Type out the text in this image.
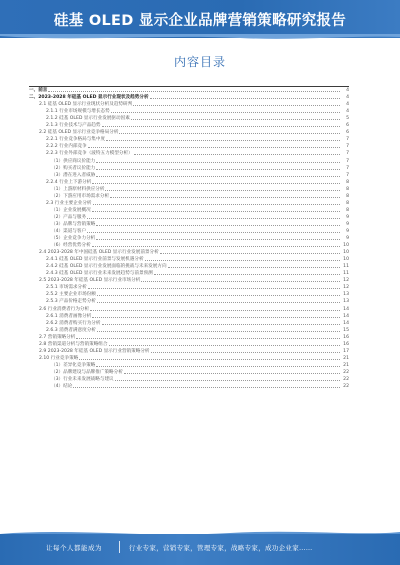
硅基 OLED 显示企业品牌营销策略研究报告
内容目录
一、前言	4
二、2023-2028 年硅基 OLED 显示行业现状及趋势分析	4
2.1 硅基 OLED 显示行业现状分析及趋势研判	4
2.1.1 行业市场规模与增长态势	4
2.1.2 硅基 OLED 显示行业发展驱动因素	5
2.1.3 行业技术与产品趋势	6
2.2 硅基 OLED 显示行业竞争格局分析	6
2.2.1 行业竞争格局与集中度	7
2.2.2 行业内部竞争	7
2.2.3 行业外部竞争（波特五力模型分析）	7
（1）供应商议价能力	7
（2）购买者议价能力	7
（3）潜在进入者威胁	7
2.2.4 行业上下游分析	8
（1）上游原材料供应分析	8
（2）下游应用市场需求分析	8
2.3 行业主要企业分析	8
（1）企业发展概况	8
（2）产品与服务	9
（3）品牌与营销策略	9
（4）渠道与客户	9
（5）企业竞争力分析	9
（6）经营优势分析	10
2.4 2023-2028 年中国硅基 OLED 显示行业发展前景分析	10
2.4.1 硅基 OLED 显示行业前景与发展机遇分析	10
2.4.2 硅基 OLED 显示行业发展面临的挑战与未来发展方向	11
2.4.3 硅基 OLED 显示行业未来发展趋势与前景预测	11
2.5 2023-2028 年硅基 OLED 显示行业市场分析	12
2.5.1 市场需求分析	12
2.5.2 主要企业市场份额	13
2.5.3 产品价格走势分析	13
2.6 行业消费者行为分析	14
2.6.1 消费者画像分析	14
2.6.2 消费者购买行为分析	14
2.6.3 消费者满意度分析	15
2.7 营销策略分析	16
2.8 营销渠道分析与营销策略组合	16
2.9 2023-2028 年硅基 OLED 显示行业营销策略分析	17
2.10 行业竞争策略	21
（1）差异化竞争策略	21
（2）品牌建设与品牌推广策略分析	22
（3）行业未来发展战略与建议	22
（4）结论	22
让每个人都能成为	行业专家，营销专家，管理专家，战略专家，成功企业家……
